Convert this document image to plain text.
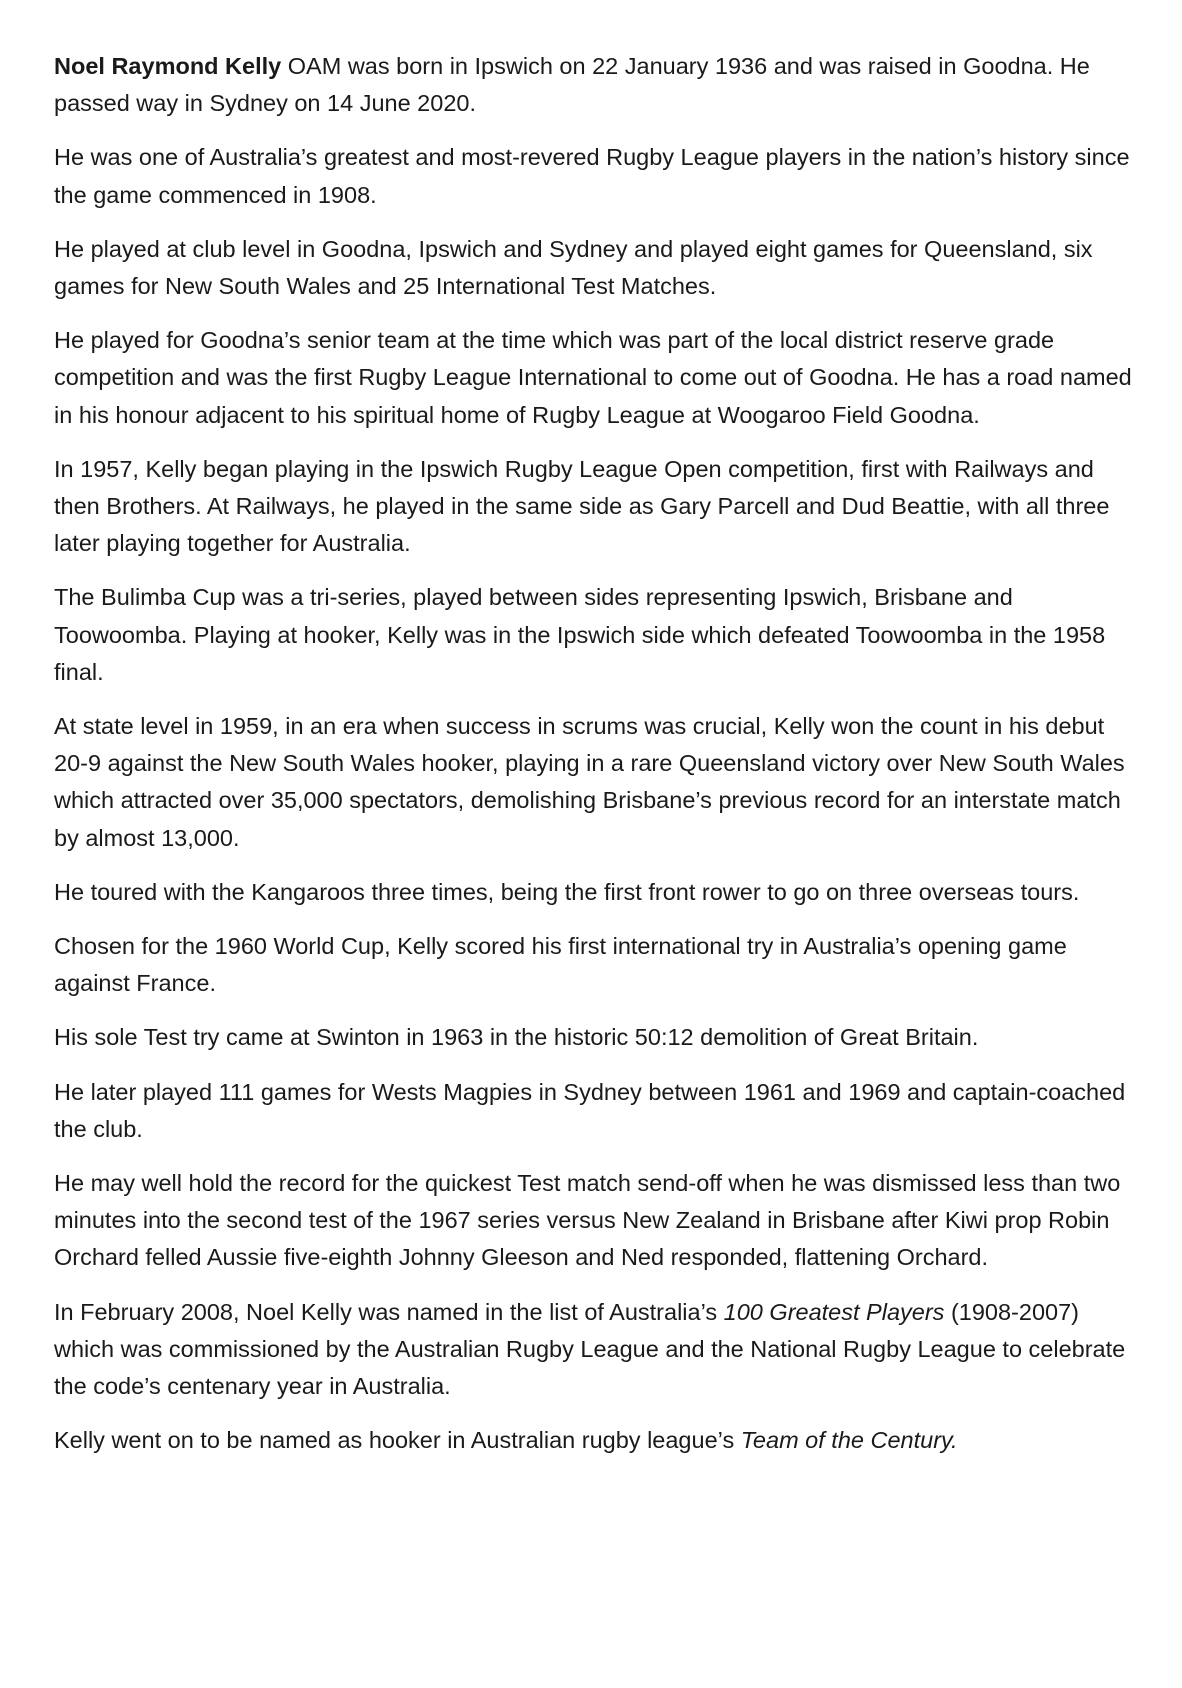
Noel Raymond Kelly OAM was born in Ipswich on 22 January 1936 and was raised in Goodna. He passed way in Sydney on 14 June 2020.

He was one of Australia’s greatest and most-revered Rugby League players in the nation’s history since the game commenced in 1908.

He played at club level in Goodna, Ipswich and Sydney and played eight games for Queensland, six games for New South Wales and 25 International Test Matches.

He played for Goodna’s senior team at the time which was part of the local district reserve grade competition and was the first Rugby League International to come out of Goodna. He has a road named in his honour adjacent to his spiritual home of Rugby League at Woogaroo Field Goodna.

In 1957, Kelly began playing in the Ipswich Rugby League Open competition, first with Railways and then Brothers. At Railways, he played in the same side as Gary Parcell and Dud Beattie, with all three later playing together for Australia.

The Bulimba Cup was a tri-series, played between sides representing Ipswich, Brisbane and Toowoomba. Playing at hooker, Kelly was in the Ipswich side which defeated Toowoomba in the 1958 final.

At state level in 1959, in an era when success in scrums was crucial, Kelly won the count in his debut 20-9 against the New South Wales hooker, playing in a rare Queensland victory over New South Wales which attracted over 35,000 spectators, demolishing Brisbane’s previous record for an interstate match by almost 13,000.

He toured with the Kangaroos three times, being the first front rower to go on three overseas tours.

Chosen for the 1960 World Cup, Kelly scored his first international try in Australia’s opening game against France.

His sole Test try came at Swinton in 1963 in the historic 50:12 demolition of Great Britain.

He later played 111 games for Wests Magpies in Sydney between 1961 and 1969 and captain-coached the club.

He may well hold the record for the quickest Test match send-off when he was dismissed less than two minutes into the second test of the 1967 series versus New Zealand in Brisbane after Kiwi prop Robin Orchard felled Aussie five-eighth Johnny Gleeson and Ned responded, flattening Orchard.

In February 2008, Noel Kelly was named in the list of Australia’s 100 Greatest Players (1908-2007) which was commissioned by the Australian Rugby League and the National Rugby League to celebrate the code’s centenary year in Australia.

Kelly went on to be named as hooker in Australian rugby league’s Team of the Century.
